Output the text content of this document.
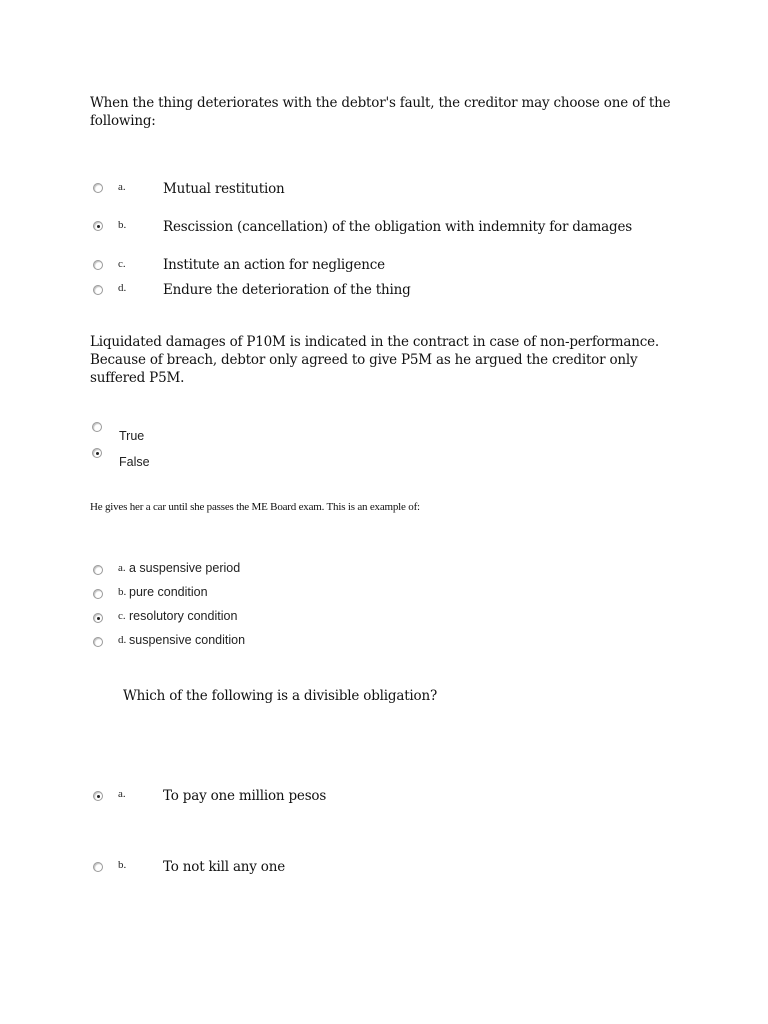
When the thing deteriorates with the debtor's fault, the creditor may choose one of the following:
a.	Mutual restitution
b.	Rescission (cancellation) of the obligation with indemnity for damages
c.	Institute an action for negligence
d.	Endure the deterioration of the thing
Liquidated damages of P10M is indicated in the contract in case of non-performance. Because of breach, debtor only agreed to give P5M as he argued the creditor only suffered P5M.
True
False
He gives her a car until she passes the ME Board exam. This is an example of:
a. a suspensive period
b. pure condition
c. resolutory condition
d. suspensive condition
Which of the following is a divisible obligation?
a.	To pay one million pesos
b.	To not kill any one
